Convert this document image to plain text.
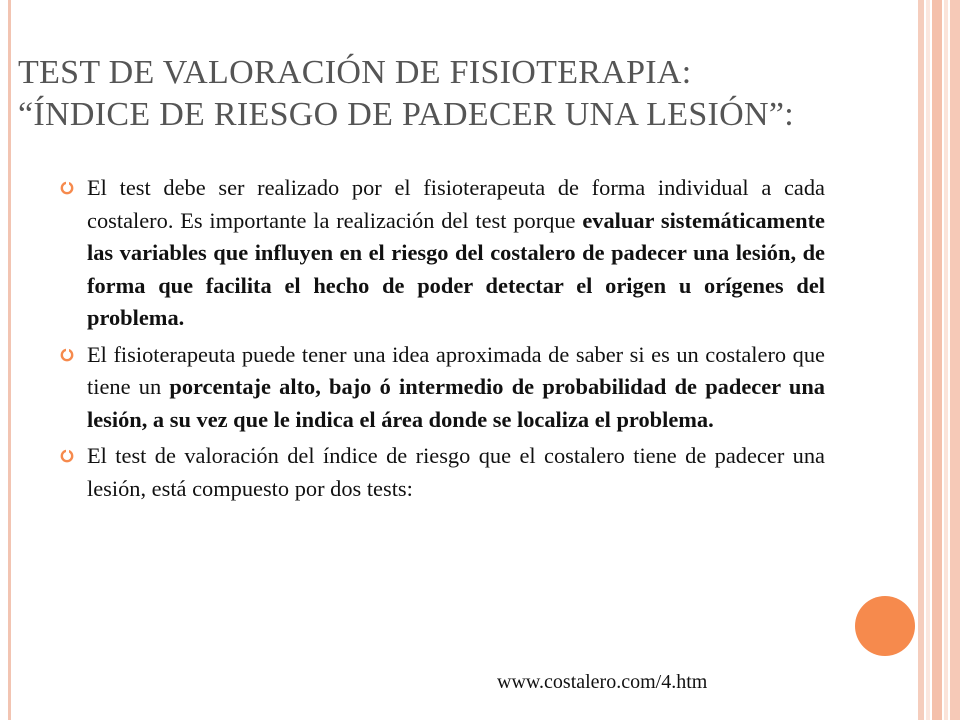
TEST DE VALORACIÓN DE FISIOTERAPIA:
“ÍNDICE DE RIESGO DE PADECER UNA LESIÓN”:
El test debe ser realizado por el fisioterapeuta de forma individual a cada costalero. Es importante la realización del test porque evaluar sistemáticamente las variables que influyen en el riesgo del costalero de padecer una lesión, de forma que facilita el hecho de poder detectar el origen u orígenes del problema.
El fisioterapeuta puede tener una idea aproximada de saber si es un costalero que tiene un porcentaje alto, bajo ó intermedio de probabilidad de padecer una lesión, a su vez que le indica el área donde se localiza el problema.
El test de valoración del índice de riesgo que el costalero tiene de padecer una lesión, está compuesto por dos tests:
www.costalero.com/4.htm
